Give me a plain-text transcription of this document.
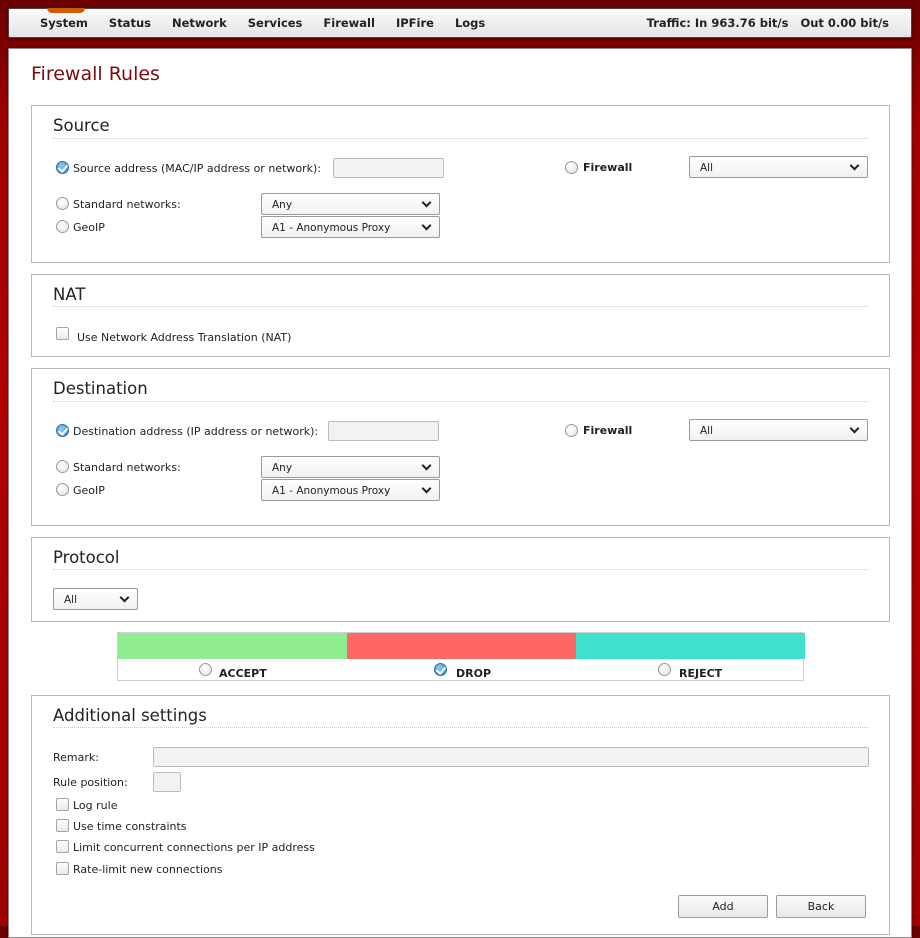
System Status Network Services Firewall IPFire Logs	Traffic: In 963.76 bit/s Out 0.00 bit/s
Firewall Rules
Source
Source address (MAC/IP address or network):	Firewall	All
Standard networks:	Any
GeoIP	A1 - Anonymous Proxy
NAT
Use Network Address Translation (NAT)
Destination
Destination address (IP address or network):	Firewall	All
Standard networks:	Any
GeoIP	A1 - Anonymous Proxy
Protocol
All
ACCEPT	DROP	REJECT
Additional settings
Remark:
Rule position:
Log rule
Use time constraints
Limit concurrent connections per IP address
Rate-limit new connections
Add	Back
